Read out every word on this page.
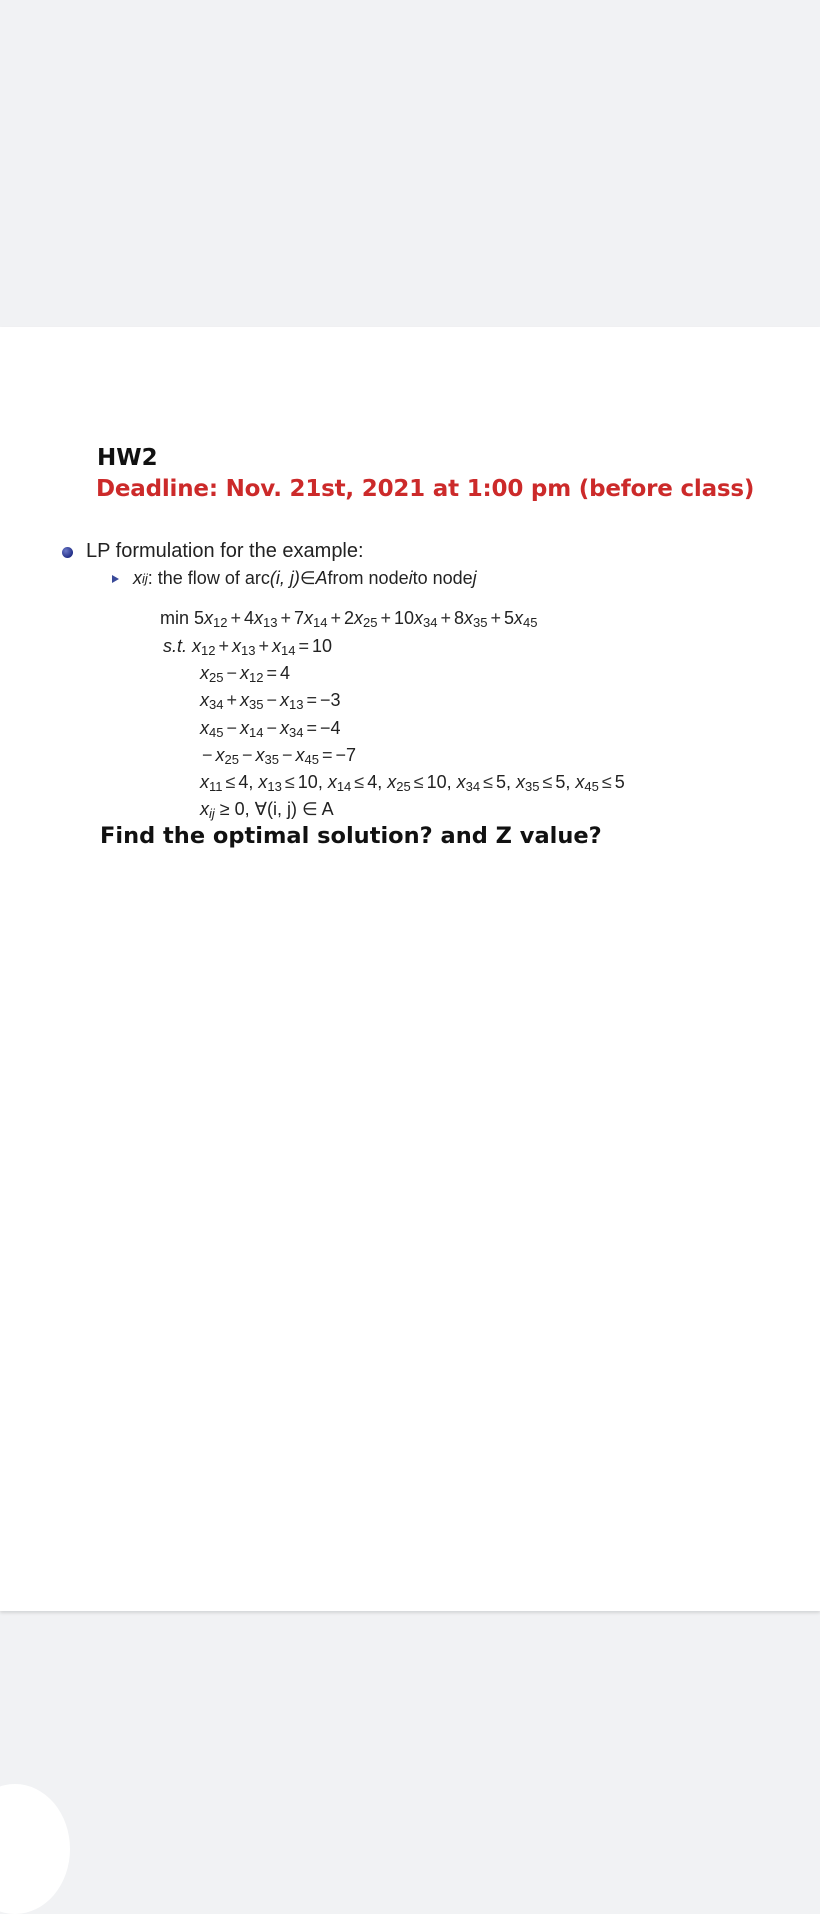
HW2
Deadline: Nov. 21st, 2021 at 1:00 pm (before class)
LP formulation for the example:
x ij : the flow of arc (i, j) ∈ A from node i to node j
$\min 5x_{12} + 4x_{13} + 7x_{14} + 2x_{25} + 10x_{34} + 8x_{35} + 5x_{45}$
s.t. $x_{12} + x_{13} + x_{14} = 10$
$x_{25} - x_{12} = 4$
$x_{34} + x_{35} - x_{13} = -3$
$x_{45} - x_{14} - x_{34} = -4$
− $x_{25} - x_{35} - x_{45} = -7$
$x_{11} \le 4$, $x_{13} \le 10$, $x_{14} \le 4$, $x_{25} \le 10$, $x_{34} \le 5$, $x_{35} \le 5$, $x_{45} \le 5$
$x_{ij} \ge 0$, ∀(i, j) ∈ A
Find the optimal solution? and Z value?
